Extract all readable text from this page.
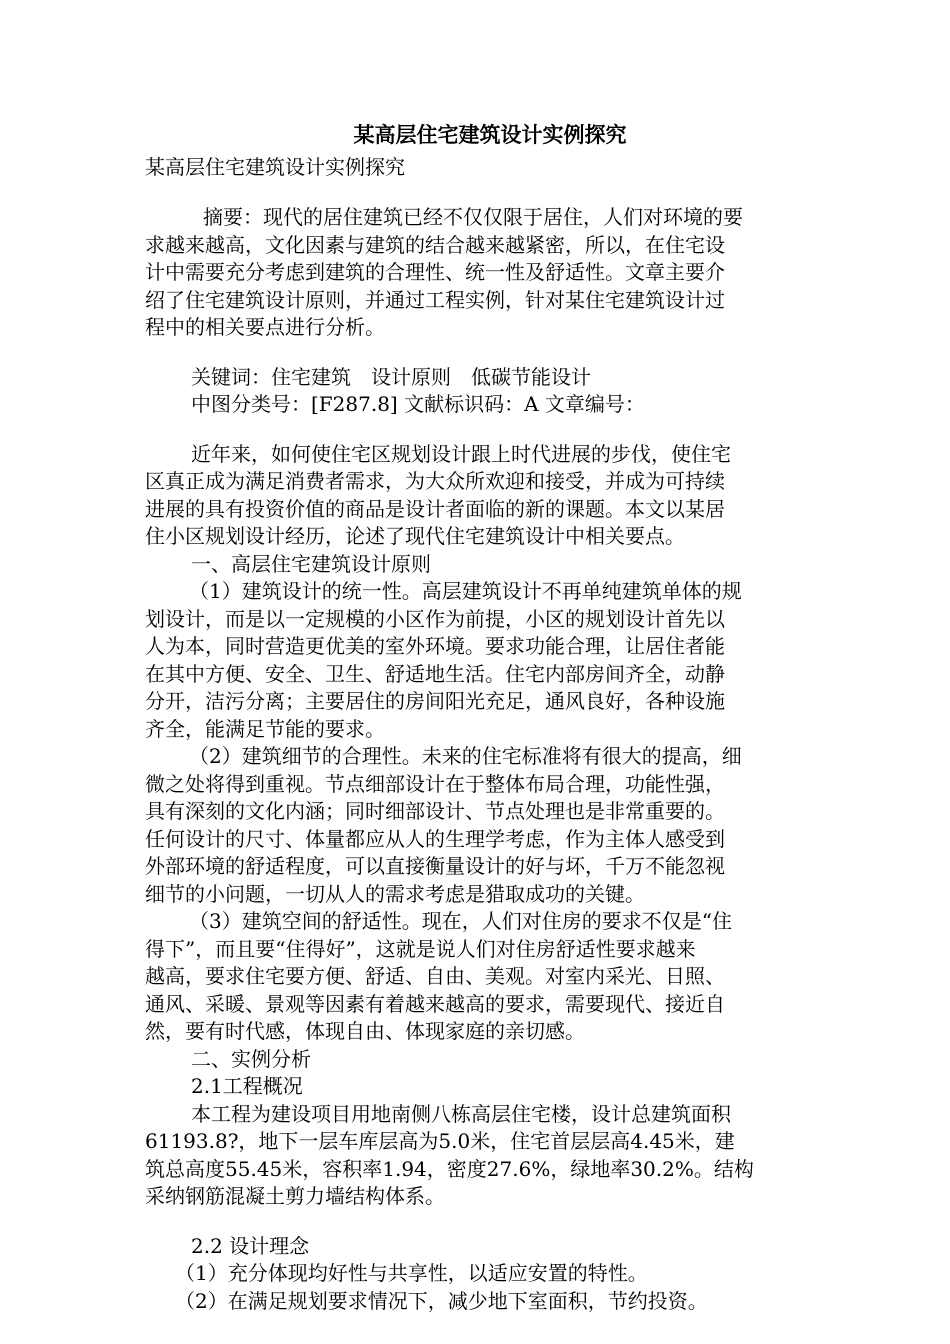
某高层住宅建筑设计实例探究
某高层住宅建筑设计实例探究
摘要：现代的居住建筑已经不仅仅限于居住，人们对环境的要
求越来越高，文化因素与建筑的结合越来越紧密，所以，在住宅设
计中需要充分考虑到建筑的合理性、统一性及舒适性。文章主要介
绍了住宅建筑设计原则，并通过工程实例，针对某住宅建筑设计过
程中的相关要点进行分析。
关键词：住宅建筑　设计原则　低碳节能设计
中图分类号：[F287.8] 文献标识码：A 文章编号：
近年来，如何使住宅区规划设计跟上时代进展的步伐，使住宅
区真正成为满足消费者需求，为大众所欢迎和接受，并成为可持续
进展的具有投资价值的商品是设计者面临的新的课题。本文以某居
住小区规划设计经历，论述了现代住宅建筑设计中相关要点。
一、高层住宅建筑设计原则
（1）建筑设计的统一性。高层建筑设计不再单纯建筑单体的规
划设计，而是以一定规模的小区作为前提，小区的规划设计首先以
人为本，同时营造更优美的室外环境。要求功能合理，让居住者能
在其中方便、安全、卫生、舒适地生活。住宅内部房间齐全，动静
分开，洁污分离；主要居住的房间阳光充足，通风良好，各种设施
齐全，能满足节能的要求。
（2）建筑细节的合理性。未来的住宅标准将有很大的提高，细
微之处将得到重视。节点细部设计在于整体布局合理，功能性强，
具有深刻的文化内涵；同时细部设计、节点处理也是非常重要的。
任何设计的尺寸、体量都应从人的生理学考虑，作为主体人感受到
外部环境的舒适程度，可以直接衡量设计的好与坏，千万不能忽视
细节的小问题，一切从人的需求考虑是猎取成功的关键。
（3）建筑空间的舒适性。现在，人们对住房的要求不仅是“住
得下”，而且要“住得好”，这就是说人们对住房舒适性要求越来
越高，要求住宅要方便、舒适、自由、美观。对室内采光、日照、
通风、采暖、景观等因素有着越来越高的要求，需要现代、接近自
然，要有时代感，体现自由、体现家庭的亲切感。
二、实例分析
2.1工程概况
本工程为建设项目用地南侧八栋高层住宅楼，设计总建筑面积
61193.8?，地下一层车库层高为5.0米，住宅首层层高4.45米，建
筑总高度55.45米，容积率1.94，密度27.6%，绿地率30.2%。结构
采纳钢筋混凝土剪力墙结构体系。
2.2 设计理念
（1）充分体现均好性与共享性，以适应安置的特性。
（2）在满足规划要求情况下，减少地下室面积，节约投资。
